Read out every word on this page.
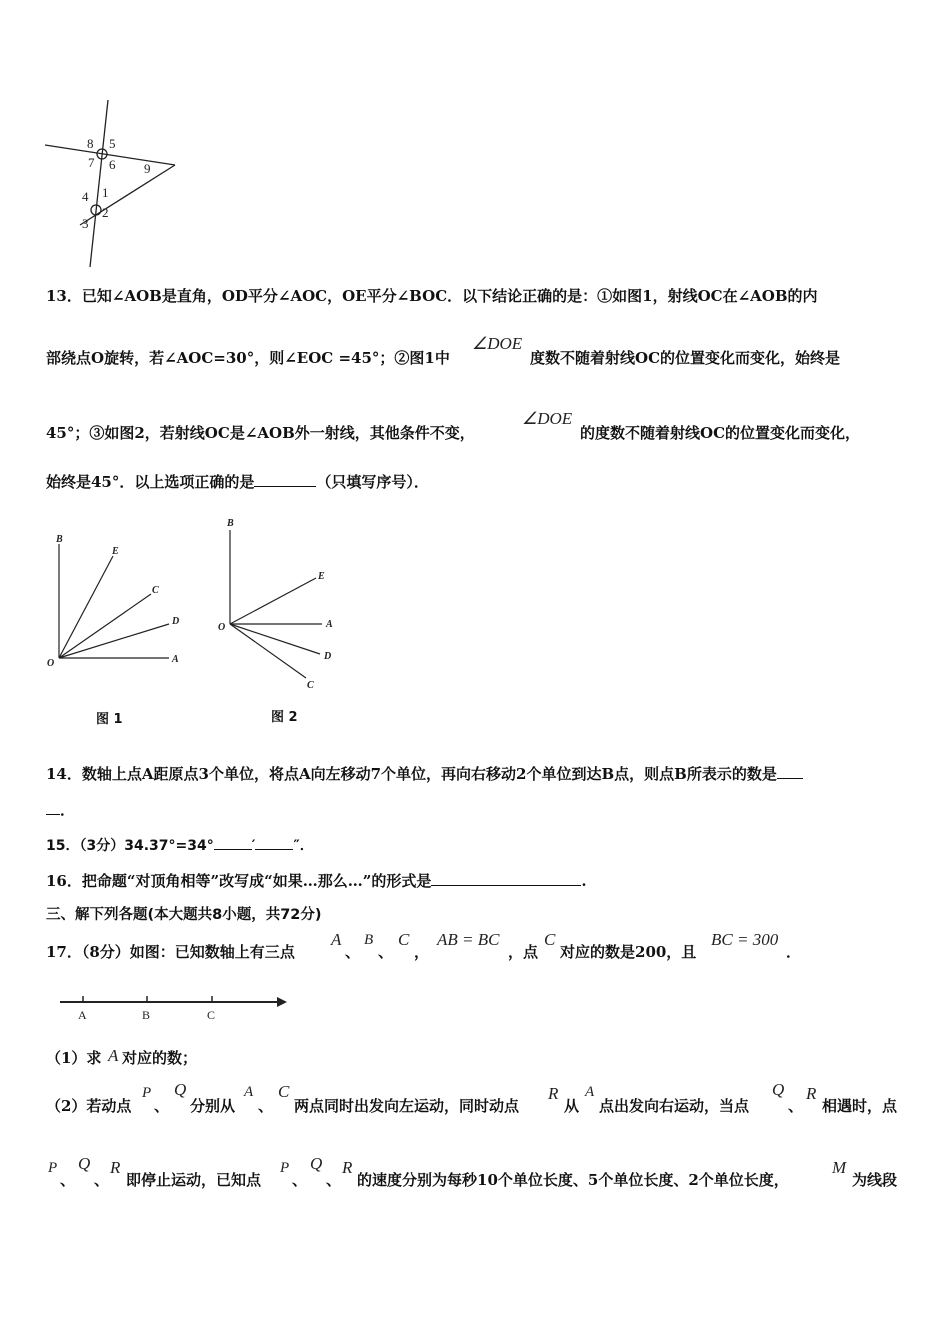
8 5
7 6 9
4 1
3
2
13．已知∠AOB是直角，OD平分∠AOC，OE平分∠BOC．以下结论正确的是：①如图1，射线OC在∠AOB的内
部绕点O旋转，若∠AOC=30°，则∠EOC =45°；②图1中
∠DOE
度数不随着射线OC的位置变化而变化，始终是
45°；③如图2，若射线OC是∠AOB外一射线，其他条件不变，
∠DOE
的度数不随着射线OC的位置变化而变化，
始终是45°．以上选项正确的是	（只填写序号）．
B
E
C
D
A
O
图 1
B
E
O	A
D
C
图 2
14．数轴上点A距原点3个单位，将点A向左移动7个单位，再向右移动2个单位到达B点，则点B所表示的数是
．
15．（3分）34.37°=34°	′	″．
16．把命题“对顶角相等”改写成“如果…那么…”的形式是	.
三、解下列各题(本大题共8小题，共72分)
17．（8分）如图：已知数轴上有三点
A
、
B
、
C
，
AB = BC
，点
C
对应的数是200，且
BC = 300
．
A	B	C
（1）求 A 对应的数；
（2）若动点
P
、
Q
分别从
A
、
C
两点同时出发向左运动，同时动点
R
从
A
点出发向右运动，当点
Q
、
R
相遇时，点
P
、
Q
、
R
即停止运动，已知点
P
、
Q
、
R
的速度分别为每秒10个单位长度、5个单位长度、2个单位长度，
M
为线段
